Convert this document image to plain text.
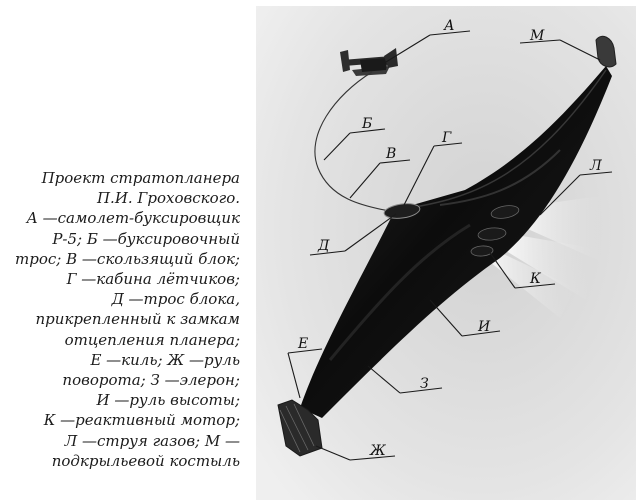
Проект стратопланера
П.И. Гроховского.
А —самолет-буксировщик
Р-5; Б —буксировочный
трос; В —скользящий блок;
Г —кабина лётчиков;
Д —трос блока,
прикрепленный к замкам
отцепления планера;
Е —киль; Ж —руль
поворота; З —элерон;
И —руль высоты;
К —реактивный мотор;
Л —струя газов; М —
подкрыльевой костыль
А
М
Б
В
Г
Л
Д
К
И
Е
З
Ж
